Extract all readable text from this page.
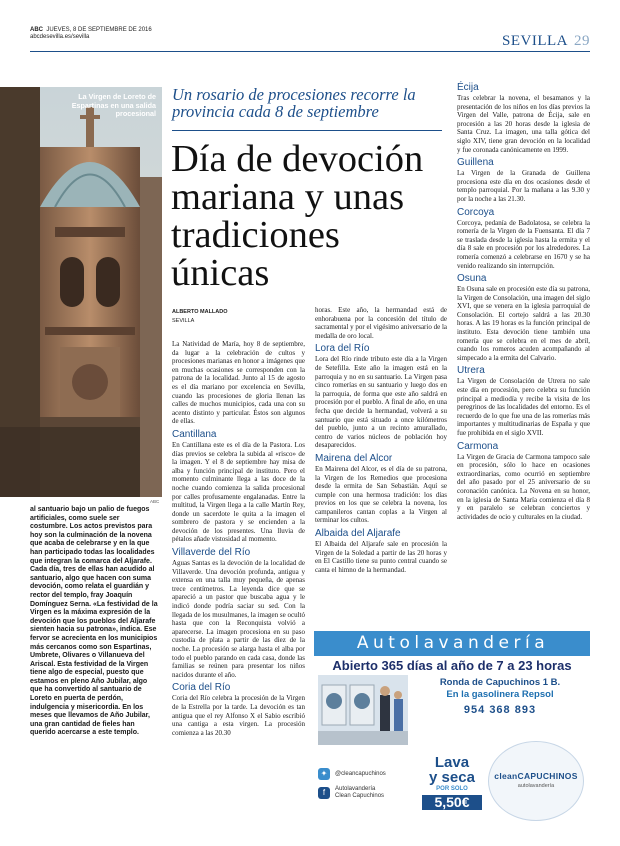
ABC JUEVES, 8 DE SEPTIEMBRE DE 2016
abcdesevilla.es/sevilla	SEVILLA 29
La Virgen de Loreto de Espartinas en una salida procesional
ABC
al santuario bajo un palio de fuegos artificiales, como suele ser costumbre. Los actos previstos para hoy son la culminación de la novena que acaba de celebrarse y en la que han participado todas las localidades que integran la comarca del Aljarafe. Cada día, tres de ellas han acudido al santuario, algo que hacen con suma devoción, como relata el guardián y rector del templo, fray Joaquín Domínguez Serna. «La festividad de la Virgen es la máxima expresión de la devoción que los pueblos del Aljarafe sienten hacia su patrona», indica. Ese fervor se acrecienta en los municipios más cercanos como son Espartinas, Umbrete, Olivares o Villanueva del Ariscal. Esta festividad de la Virgen tiene algo de especial, puesto que estamos en pleno Año Jubilar, algo que ha convertido al santuario de Loreto en puerta de perdón, indulgencia y misericordia. En los meses que llevamos de Año Jubilar, una gran cantidad de fieles han querido acercarse a este templo.
Un rosario de procesiones recorre la provincia cada 8 de septiembre
Día de devoción mariana y unas tradiciones únicas
ALBERTO MALLADO
SEVILLA

La Natividad de María, hoy 8 de septiembre, da lugar a la celebración de cultos y procesiones marianas en honor a imágenes que en muchas ocasiones se corresponden con la patrona de la localidad. Junto al 15 de agosto es el día mariano por excelencia en Sevilla, cuando las procesiones de gloria llenan las calles de muchos municipios, cada una con su acento distinto y particular. Éstos son algunos de ellas.

Cantillana

En Cantillana este es el día de la Pastora. Los días previos se celebra la subida al «risco» de la imagen. Y el 8 de septiembre hay misa de alba y función principal de instituto. Pero el momento culminante llega a las doce de la noche cuando comienza la salida procesional por calles profusamente engalanadas. Entre la multitud, la Virgen llega a la calle Martín Rey, donde un sacerdote le quita a la imagen el sombrero de pastora y se encienden a la devoción de los presentes. Una lluvia de pétalos añade vistosidad al momento.

Villaverde del Río

Aguas Santas es la devoción de la localidad de Villaverde. Una devoción profunda, antigua y extensa en una talla muy pequeña, de apenas trece centímetros. La leyenda dice que se apareció a un pastor que buscaba agua y le indicó donde podría saciar su sed. Con la llegada de los musulmanes, la imagen se ocultó hasta que con la Reconquista volvió a aparecerse. La imagen procesiona en su paso custodia de plata a partir de las diez de la noche. La procesión se alarga hasta el alba por todo el pueblo parando en cada casa, donde las familias se reúnen para presentar los niños nacidos durante el año.

Coria del Río

Coria del Río celebra la procesión de la Virgen de la Estrella por la tarde. La devoción es tan antigua que el rey Alfonso X el Sabio escribió una cantiga a esta virgen. La procesión comienza a las 20.30

horas. Este año, la hermandad está de enhorabuena por la concesión del título de sacramental y por el vigésimo aniversario de la medalla de oro local.

Lora del Río

Lora del Río rinde tributo este día a la Virgen de Setefilla. Este año la imagen está en la parroquia y no en su santuario. La Virgen pasa cinco romerías en su santuario y luego dos en la parroquia, de forma que este año saldrá en procesión por el pueblo. A final de año, en una fecha que decide la hermandad, volverá a su santuario que está situado a once kilómetros del pueblo, junto a un recinto amurallado, centro de varios núcleos de población hoy desaparecidos.

Mairena del Alcor

En Mairena del Alcor, es el día de su patrona, la Virgen de los Remedios que procesiona desde la ermita de San Sebastián. Aquí se cumple con una hermosa tradición: los días previos en los que se celebra la novena, los campanileros cantan coplas a la Virgen al terminar los cultos.

Albaida del Aljarafe

El Albaida del Aljarafe sale en procesión la Virgen de la Soledad a partir de las 20 horas y en El Castillo tiene su punto central cuando se canta el himno de la hermandad.

Écija

Tras celebrar la novena, el besamanos y la presentación de los niños en los días previos la Virgen del Valle, patrona de Écija, sale en procesión a las 20 horas desde la iglesia de Santa Cruz. La imagen, una talla gótica del siglo XIV, tiene gran devoción en la localidad y fue coronada canónicamente en 1999.

Guillena

La Virgen de la Granada de Guillena procesiona este día en dos ocasiones desde el templo parroquial. Por la mañana a las 9.30 y por la noche a las 21.30.

Corcoya

Corcoya, pedanía de Badolatosa, se celebra la romería de la Virgen de la Fuensanta. El día 7 se traslada desde la iglesia hasta la ermita y el día 8 sale en procesión por los alrededores. La romería comenzó a celebrarse en 1670 y se ha venido realizando sin interrupción.

Osuna

En Osuna sale en procesión este día su patrona, la Virgen de Consolación, una imagen del siglo XVI, que se venera en la iglesia parroquial de Consolación. El cortejo saldrá a las 20.30 horas. A las 19 horas es la función principal de instituto. Esta devoción tiene también una romería que se celebra en el mes de abril, cuando los romeros acuden acompañando al simpecado a la ermita del Calvario.

Utrera

La Virgen de Consolación de Utrera no sale este día en procesión, pero celebra su función principal a mediodía y recibe la visita de los peregrinos de las localidades del entorno. Es el recuerdo de lo que fue una de las romerías más importantes y multitudinarias de España y que fue prohibida en el siglo XVII.

Carmona

La Virgen de Gracia de Carmona tampoco sale en procesión, sólo lo hace en ocasiones extraordinarias, como ocurrió en septiembre del año pasado por el 25 aniversario de su coronación canónica. La Novena en su honor, en la iglesia de Santa María comienza el día 8 y en paralelo se celebran conciertos y actividades de ocio y culturales en la ciudad.

Autolavandería
Abierto 365 días al año de 7 a 23 horas
Ronda de Capuchinos 1 B.
En la gasolinera Repsol
954 368 893
✦	@cleancapuchinos
f	Autolavandería
Clean Capuchinos
Lava
y seca
POR SOLO
5,50€
cleanCAPUCHINOS
autolavandería
